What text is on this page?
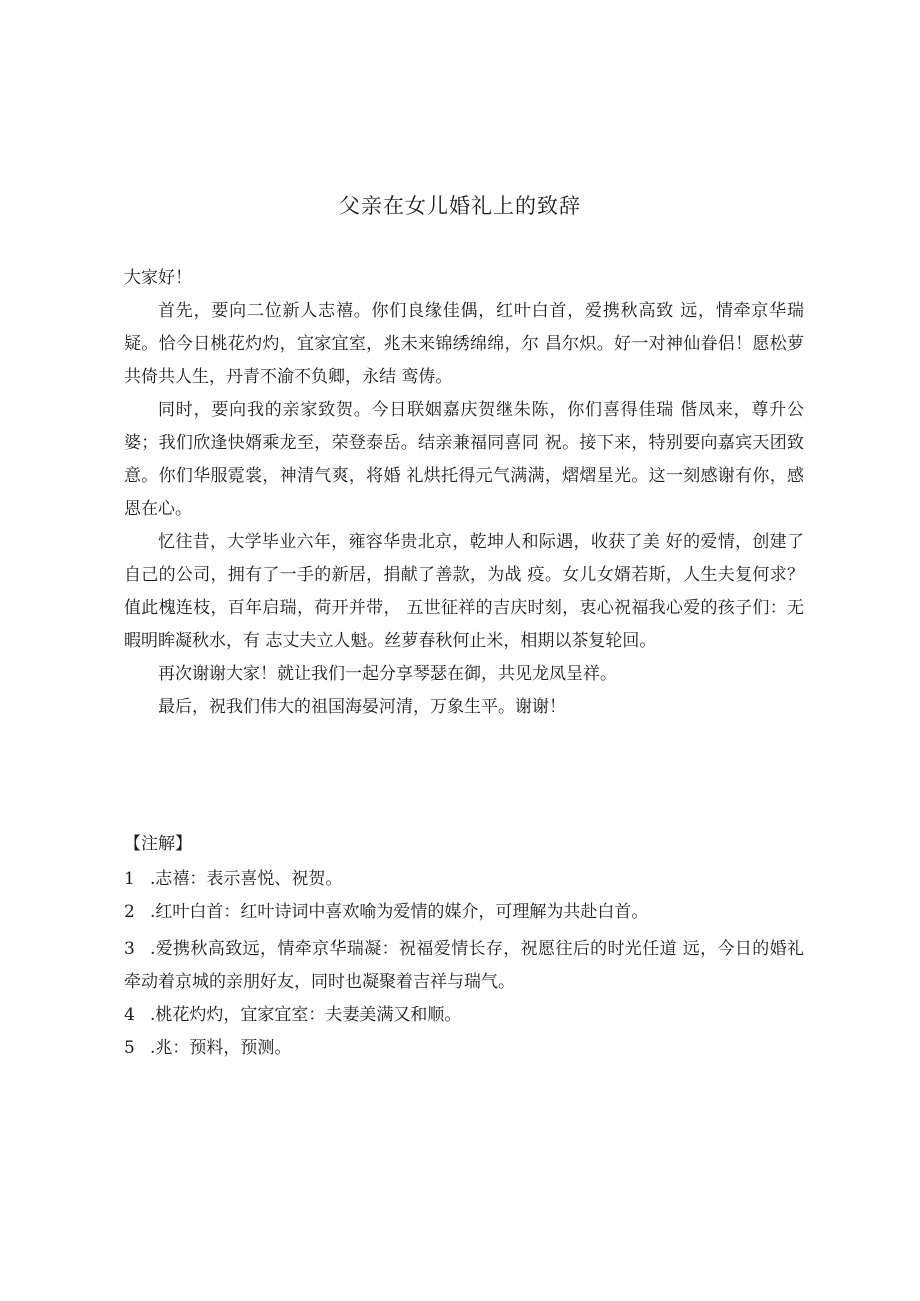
父亲在女儿婚礼上的致辞

大家好！

首先，要向二位新人志禧。你们良缘佳偶，红叶白首，爱携秋高致 远，情牵京华瑞疑。恰今日桃花灼灼，宜家宜室，兆未来锦绣绵绵，尔 昌尔炽。好一对神仙眷侣！愿松萝共倚共人生，丹青不渝不负卿，永结 鸾俦。

同时，要向我的亲家致贺。今日联姻嘉庆贺继朱陈，你们喜得佳瑞 偕凤来，尊升公婆；我们欣逢快婿乘龙至，荣登泰岳。结亲兼福同喜同 祝。接下来，特别要向嘉宾天团致意。你们华服霓裳，神清气爽，将婚 礼烘托得元气满满，熠熠星光。这一刻感谢有你，感恩在心。

忆往昔，大学毕业六年，雍容华贵北京，乾坤人和际遇，收获了美 好的爱情，创建了自己的公司，拥有了一手的新居，捐献了善款，为战 疫。女儿女婿若斯，人生夫复何求？值此槐连枝，百年启瑞，荷开并带， 五世征祥的吉庆时刻，衷心祝福我心爱的孩子们：无暇明眸凝秋水，有 志丈夫立人魁。丝萝春秋何止米，相期以茶复轮回。

再次谢谢大家！就让我们一起分享琴瑟在御，共见龙凤呈祥。

最后，祝我们伟大的祖国海晏河清，万象生平。谢谢！

【注解】

1 .志禧：表示喜悦、祝贺。

2 .红叶白首：红叶诗词中喜欢喻为爱情的媒介，可理解为共赴白首。

3 .爱携秋高致远，情牵京华瑞凝：祝福爱情长存，祝愿往后的时光任道 远，今日的婚礼牵动着京城的亲朋好友，同时也凝聚着吉祥与瑞气。

4 .桃花灼灼，宜家宜室：夫妻美满又和顺。

5 .兆：预料，预测。
